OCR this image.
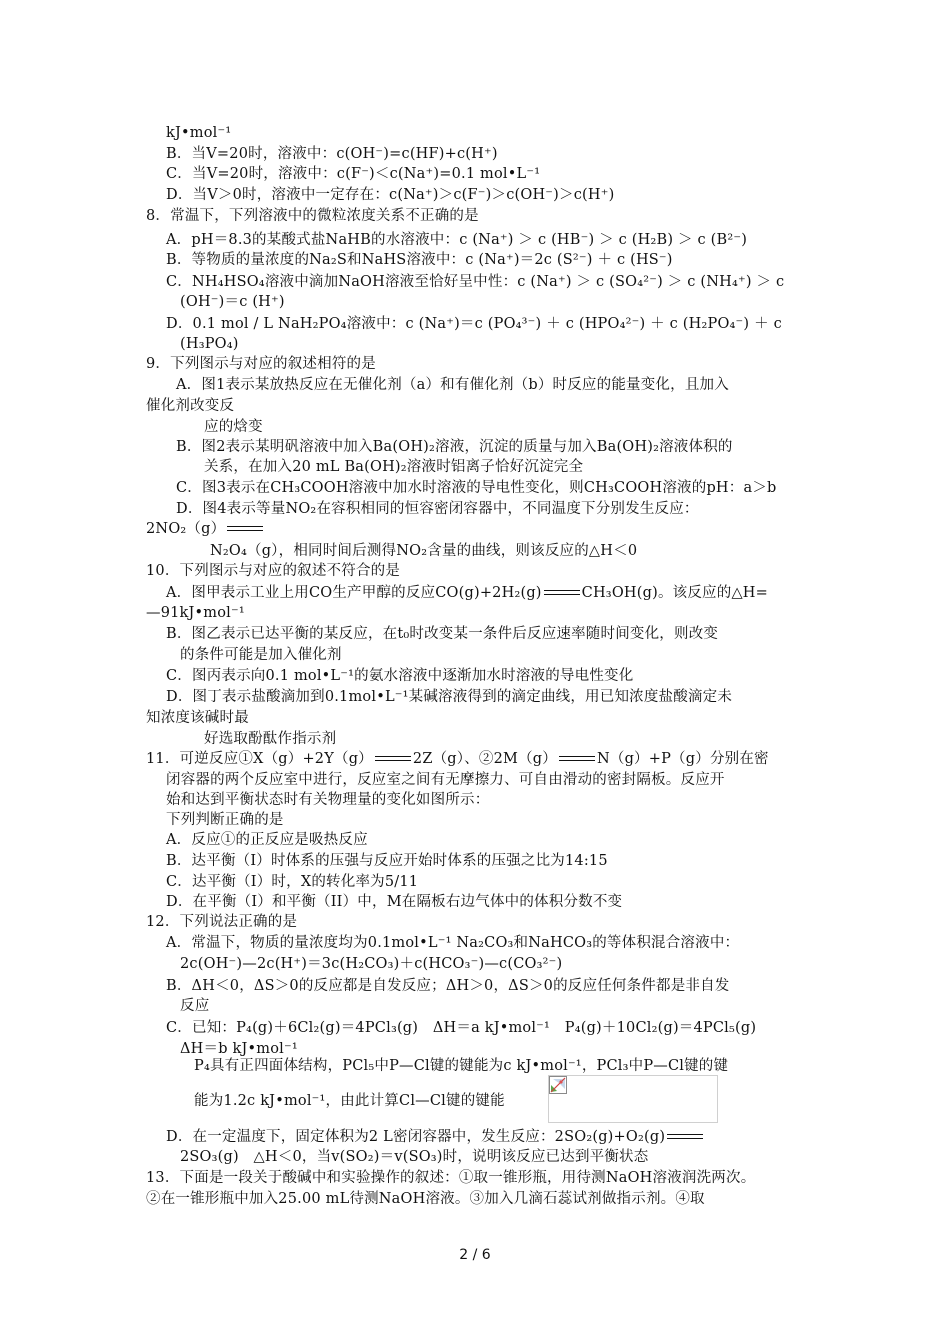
kJ•mol⁻¹
B．当V=20时，溶液中：c(OH⁻)=c(HF)+c(H⁺)
C．当V=20时，溶液中：c(F⁻)＜c(Na⁺)=0.1 mol•L⁻¹
D．当V＞0时，溶液中一定存在：c(Na⁺)＞c(F⁻)＞c(OH⁻)＞c(H⁺)
8．常温下，下列溶液中的微粒浓度关系不正确的是
A．pH＝8.3的某酸式盐NaHB的水溶液中：c (Na⁺) ＞ c (HB⁻) ＞ c (H₂B) ＞ c (B²⁻)
B．等物质的量浓度的Na₂S和NaHS溶液中：c (Na⁺)＝2c (S²⁻) ＋ c (HS⁻)
C．NH₄HSO₄溶液中滴加NaOH溶液至恰好呈中性：c (Na⁺) ＞ c (SO₄²⁻) ＞ c (NH₄⁺) ＞ c
(OH⁻)＝c (H⁺)
D．0.1 mol / L NaH₂PO₄溶液中：c (Na⁺)＝c (PO₄³⁻) ＋ c (HPO₄²⁻) ＋ c (H₂PO₄⁻) ＋ c
(H₃PO₄)
9．下列图示与对应的叙述相符的是
A．图1表示某放热反应在无催化剂（a）和有催化剂（b）时反应的能量变化，且加入
催化剂改变反
应的焓变
B．图2表示某明矾溶液中加入Ba(OH)₂溶液，沉淀的质量与加入Ba(OH)₂溶液体积的
关系，在加入20 mL Ba(OH)₂溶液时铝离子恰好沉淀完全
C．图3表示在CH₃COOH溶液中加水时溶液的导电性变化，则CH₃COOH溶液的pH：a＞b
D．图4表示等量NO₂在容积相同的恒容密闭容器中，不同温度下分别发生反应：
2NO₂（g）
N₂O₄（g），相同时间后测得NO₂含量的曲线，则该反应的△H＜0
10．下列图示与对应的叙述不符合的是
A．图甲表示工业上用CO生产甲醇的反应CO(g)+2H₂(g)	CH₃OH(g)。该反应的△H=
—91kJ•mol⁻¹
B．图乙表示已达平衡的某反应，在t₀时改变某一条件后反应速率随时间变化，则改变
的条件可能是加入催化剂
C．图丙表示向0.1 mol•L⁻¹的氨水溶液中逐渐加水时溶液的导电性变化
D．图丁表示盐酸滴加到0.1mol•L⁻¹某碱溶液得到的滴定曲线，用已知浓度盐酸滴定未
知浓度该碱时最
好选取酚酞作指示剂
11．可逆反应①X（g）+2Y（g）	2Z（g）、②2M（g）	N（g）+P（g）分别在密
闭容器的两个反应室中进行，反应室之间有无摩擦力、可自由滑动的密封隔板。反应开
始和达到平衡状态时有关物理量的变化如图所示：
下列判断正确的是
A．反应①的正反应是吸热反应
B．达平衡（I）时体系的压强与反应开始时体系的压强之比为14:15
C．达平衡（I）时，X的转化率为5/11
D．在平衡（I）和平衡（II）中，M在隔板右边气体中的体积分数不变
12．下列说法正确的是
A．常温下，物质的量浓度均为0.1mol•L⁻¹ Na₂CO₃和NaHCO₃的等体积混合溶液中：
2c(OH⁻)—2c(H⁺)＝3c(H₂CO₃)＋c(HCO₃⁻)—c(CO₃²⁻)
B．ΔH＜0，ΔS＞0的反应都是自发反应；ΔH＞0，ΔS＞0的反应任何条件都是非自发
反应
C．已知：P₄(g)＋6Cl₂(g)＝4PCl₃(g)　ΔH＝a kJ•mol⁻¹　P₄(g)＋10Cl₂(g)＝4PCl₅(g)
ΔH＝b kJ•mol⁻¹
P₄具有正四面体结构，PCl₅中P—Cl键的键能为c kJ•mol⁻¹，PCl₃中P—Cl键的键
能为1.2c kJ•mol⁻¹，由此计算Cl—Cl键的键能
D．在一定温度下，固定体积为2 L密闭容器中，发生反应：2SO₂(g)+O₂(g)
2SO₃(g)　△H＜0，当v(SO₂)＝v(SO₃)时，说明该反应已达到平衡状态
13．下面是一段关于酸碱中和实验操作的叙述：①取一锥形瓶，用待测NaOH溶液润洗两次。
②在一锥形瓶中加入25.00 mL待测NaOH溶液。③加入几滴石蕊试剂做指示剂。④取
2 / 6
